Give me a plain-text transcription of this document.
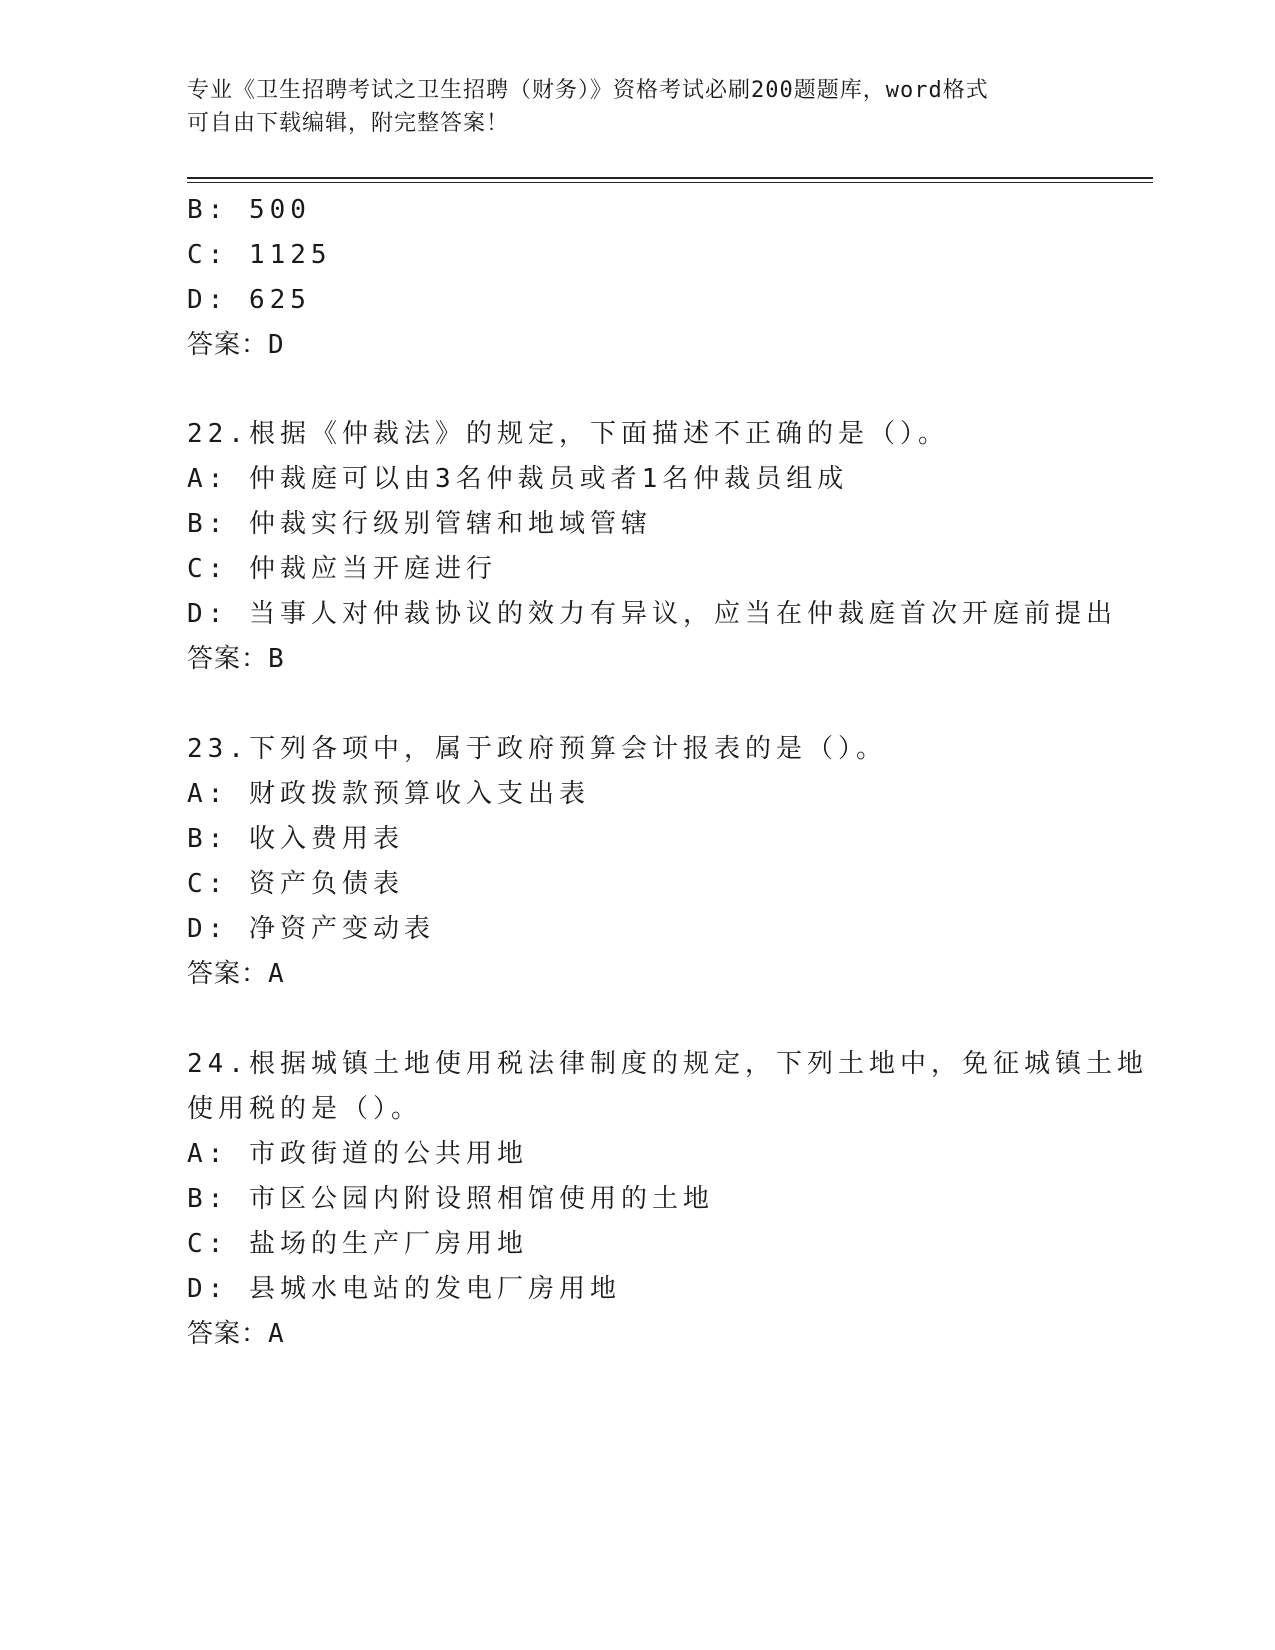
专业《卫生招聘考试之卫生招聘（财务）》资格考试必刷200题题库，word格式
可自由下载编辑，附完整答案！
B: 500
C: 1125
D: 625
答案：D
22.根据《仲裁法》的规定，下面描述不正确的是（）。
A: 仲裁庭可以由3名仲裁员或者1名仲裁员组成
B: 仲裁实行级别管辖和地域管辖
C: 仲裁应当开庭进行
D: 当事人对仲裁协议的效力有异议，应当在仲裁庭首次开庭前提出
答案：B
23.下列各项中，属于政府预算会计报表的是（）。
A: 财政拨款预算收入支出表
B: 收入费用表
C: 资产负债表
D: 净资产变动表
答案：A
24.根据城镇土地使用税法律制度的规定，下列土地中，免征城镇土地
使用税的是（）。
A: 市政街道的公共用地
B: 市区公园内附设照相馆使用的土地
C: 盐场的生产厂房用地
D: 县城水电站的发电厂房用地
答案：A
